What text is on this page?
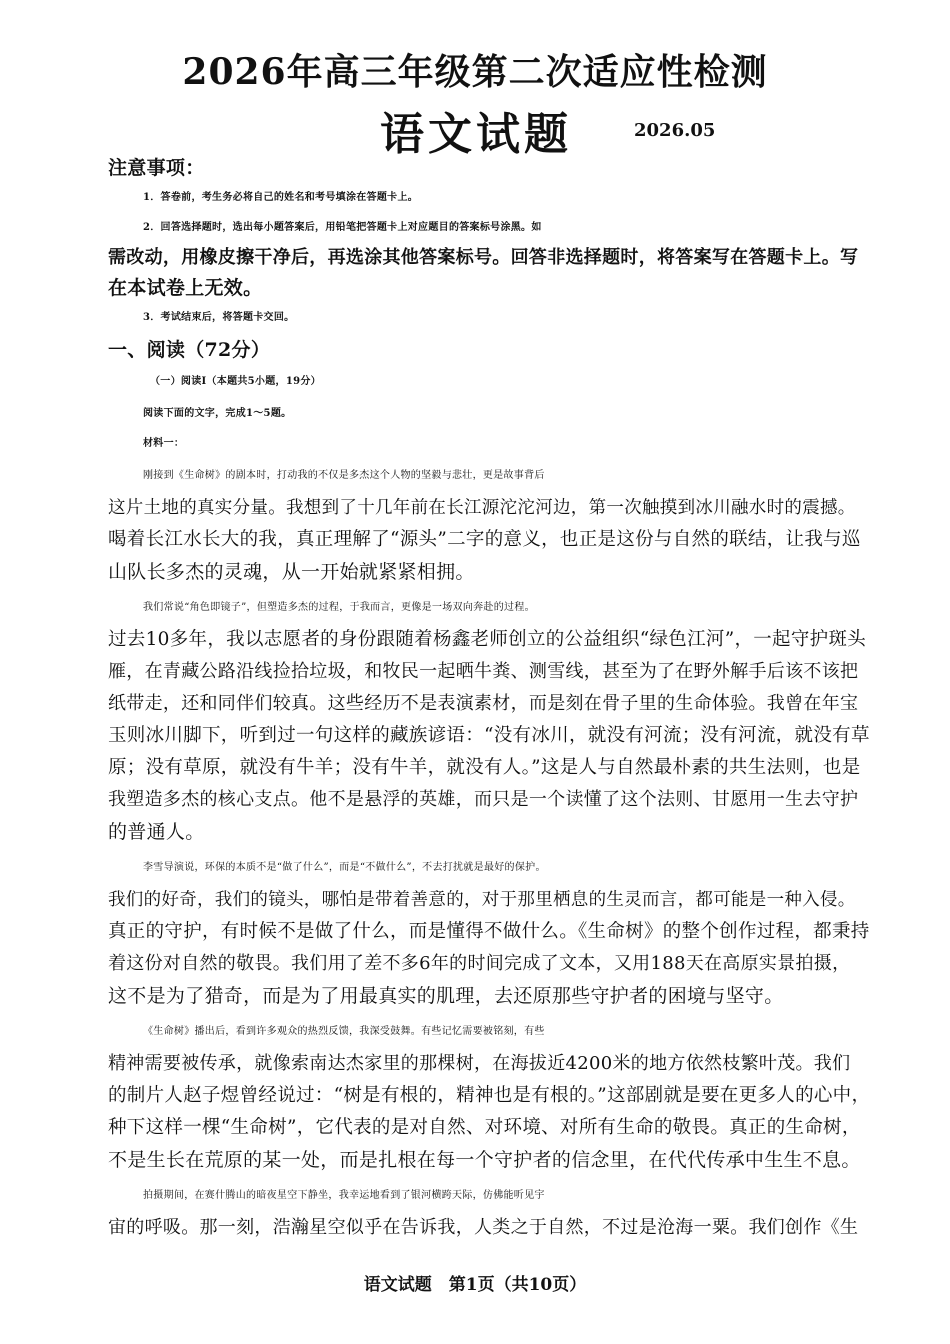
2026年高三年级第二次适应性检测
语文试题	2026.05
注意事项：
1．答卷前，考生务必将自己的姓名和考号填涂在答题卡上。
2．回答选择题时，选出每小题答案后，用铅笔把答题卡上对应题目的答案标号涂黑。如
需改动，用橡皮擦干净后，再选涂其他答案标号。回答非选择题时，将答案写在答题卡上。写
在本试卷上无效。
3．考试结束后，将答题卡交回。
一、阅读（72分）
（一）阅读I（本题共5小题，19分）
阅读下面的文字，完成1～5题。
材料一：
刚接到《生命树》的剧本时，打动我的不仅是多杰这个人物的坚毅与悲壮，更是故事背后
这片土地的真实分量。我想到了十几年前在长江源沱沱河边，第一次触摸到冰川融水时的震撼。
喝着长江水长大的我，真正理解了“源头”二字的意义，也正是这份与自然的联结，让我与巡
山队长多杰的灵魂，从一开始就紧紧相拥。
我们常说“角色即镜子”，但塑造多杰的过程，于我而言，更像是一场双向奔赴的过程。
过去10多年，我以志愿者的身份跟随着杨鑫老师创立的公益组织“绿色江河”，一起守护斑头
雁，在青藏公路沿线捡拾垃圾，和牧民一起晒牛粪、测雪线，甚至为了在野外解手后该不该把
纸带走，还和同伴们较真。这些经历不是表演素材，而是刻在骨子里的生命体验。我曾在年宝
玉则冰川脚下，听到过一句这样的藏族谚语：“没有冰川，就没有河流；没有河流，就没有草
原；没有草原，就没有牛羊；没有牛羊，就没有人。”这是人与自然最朴素的共生法则，也是
我塑造多杰的核心支点。他不是悬浮的英雄，而只是一个读懂了这个法则、甘愿用一生去守护
的普通人。
李雪导演说，环保的本质不是“做了什么”，而是“不做什么”，不去打扰就是最好的保护。
我们的好奇，我们的镜头，哪怕是带着善意的，对于那里栖息的生灵而言，都可能是一种入侵。
真正的守护，有时候不是做了什么，而是懂得不做什么。《生命树》的整个创作过程，都秉持
着这份对自然的敬畏。我们用了差不多6年的时间完成了文本，又用188天在高原实景拍摄，
这不是为了猎奇，而是为了用最真实的肌理，去还原那些守护者的困境与坚守。
《生命树》播出后，看到许多观众的热烈反馈，我深受鼓舞。有些记忆需要被铭刻，有些
精神需要被传承，就像索南达杰家里的那棵树，在海拔近4200米的地方依然枝繁叶茂。我们
的制片人赵子煜曾经说过：“树是有根的，精神也是有根的。”这部剧就是要在更多人的心中，
种下这样一棵“生命树”，它代表的是对自然、对环境、对所有生命的敬畏。真正的生命树，
不是生长在荒原的某一处，而是扎根在每一个守护者的信念里，在代代传承中生生不息。
拍摄期间，在赛什腾山的暗夜星空下静坐，我幸运地看到了银河横跨天际，仿佛能听见宇
宙的呼吸。那一刻，浩瀚星空似乎在告诉我，人类之于自然，不过是沧海一粟。我们创作《生
语文试题　第1页（共10页）
